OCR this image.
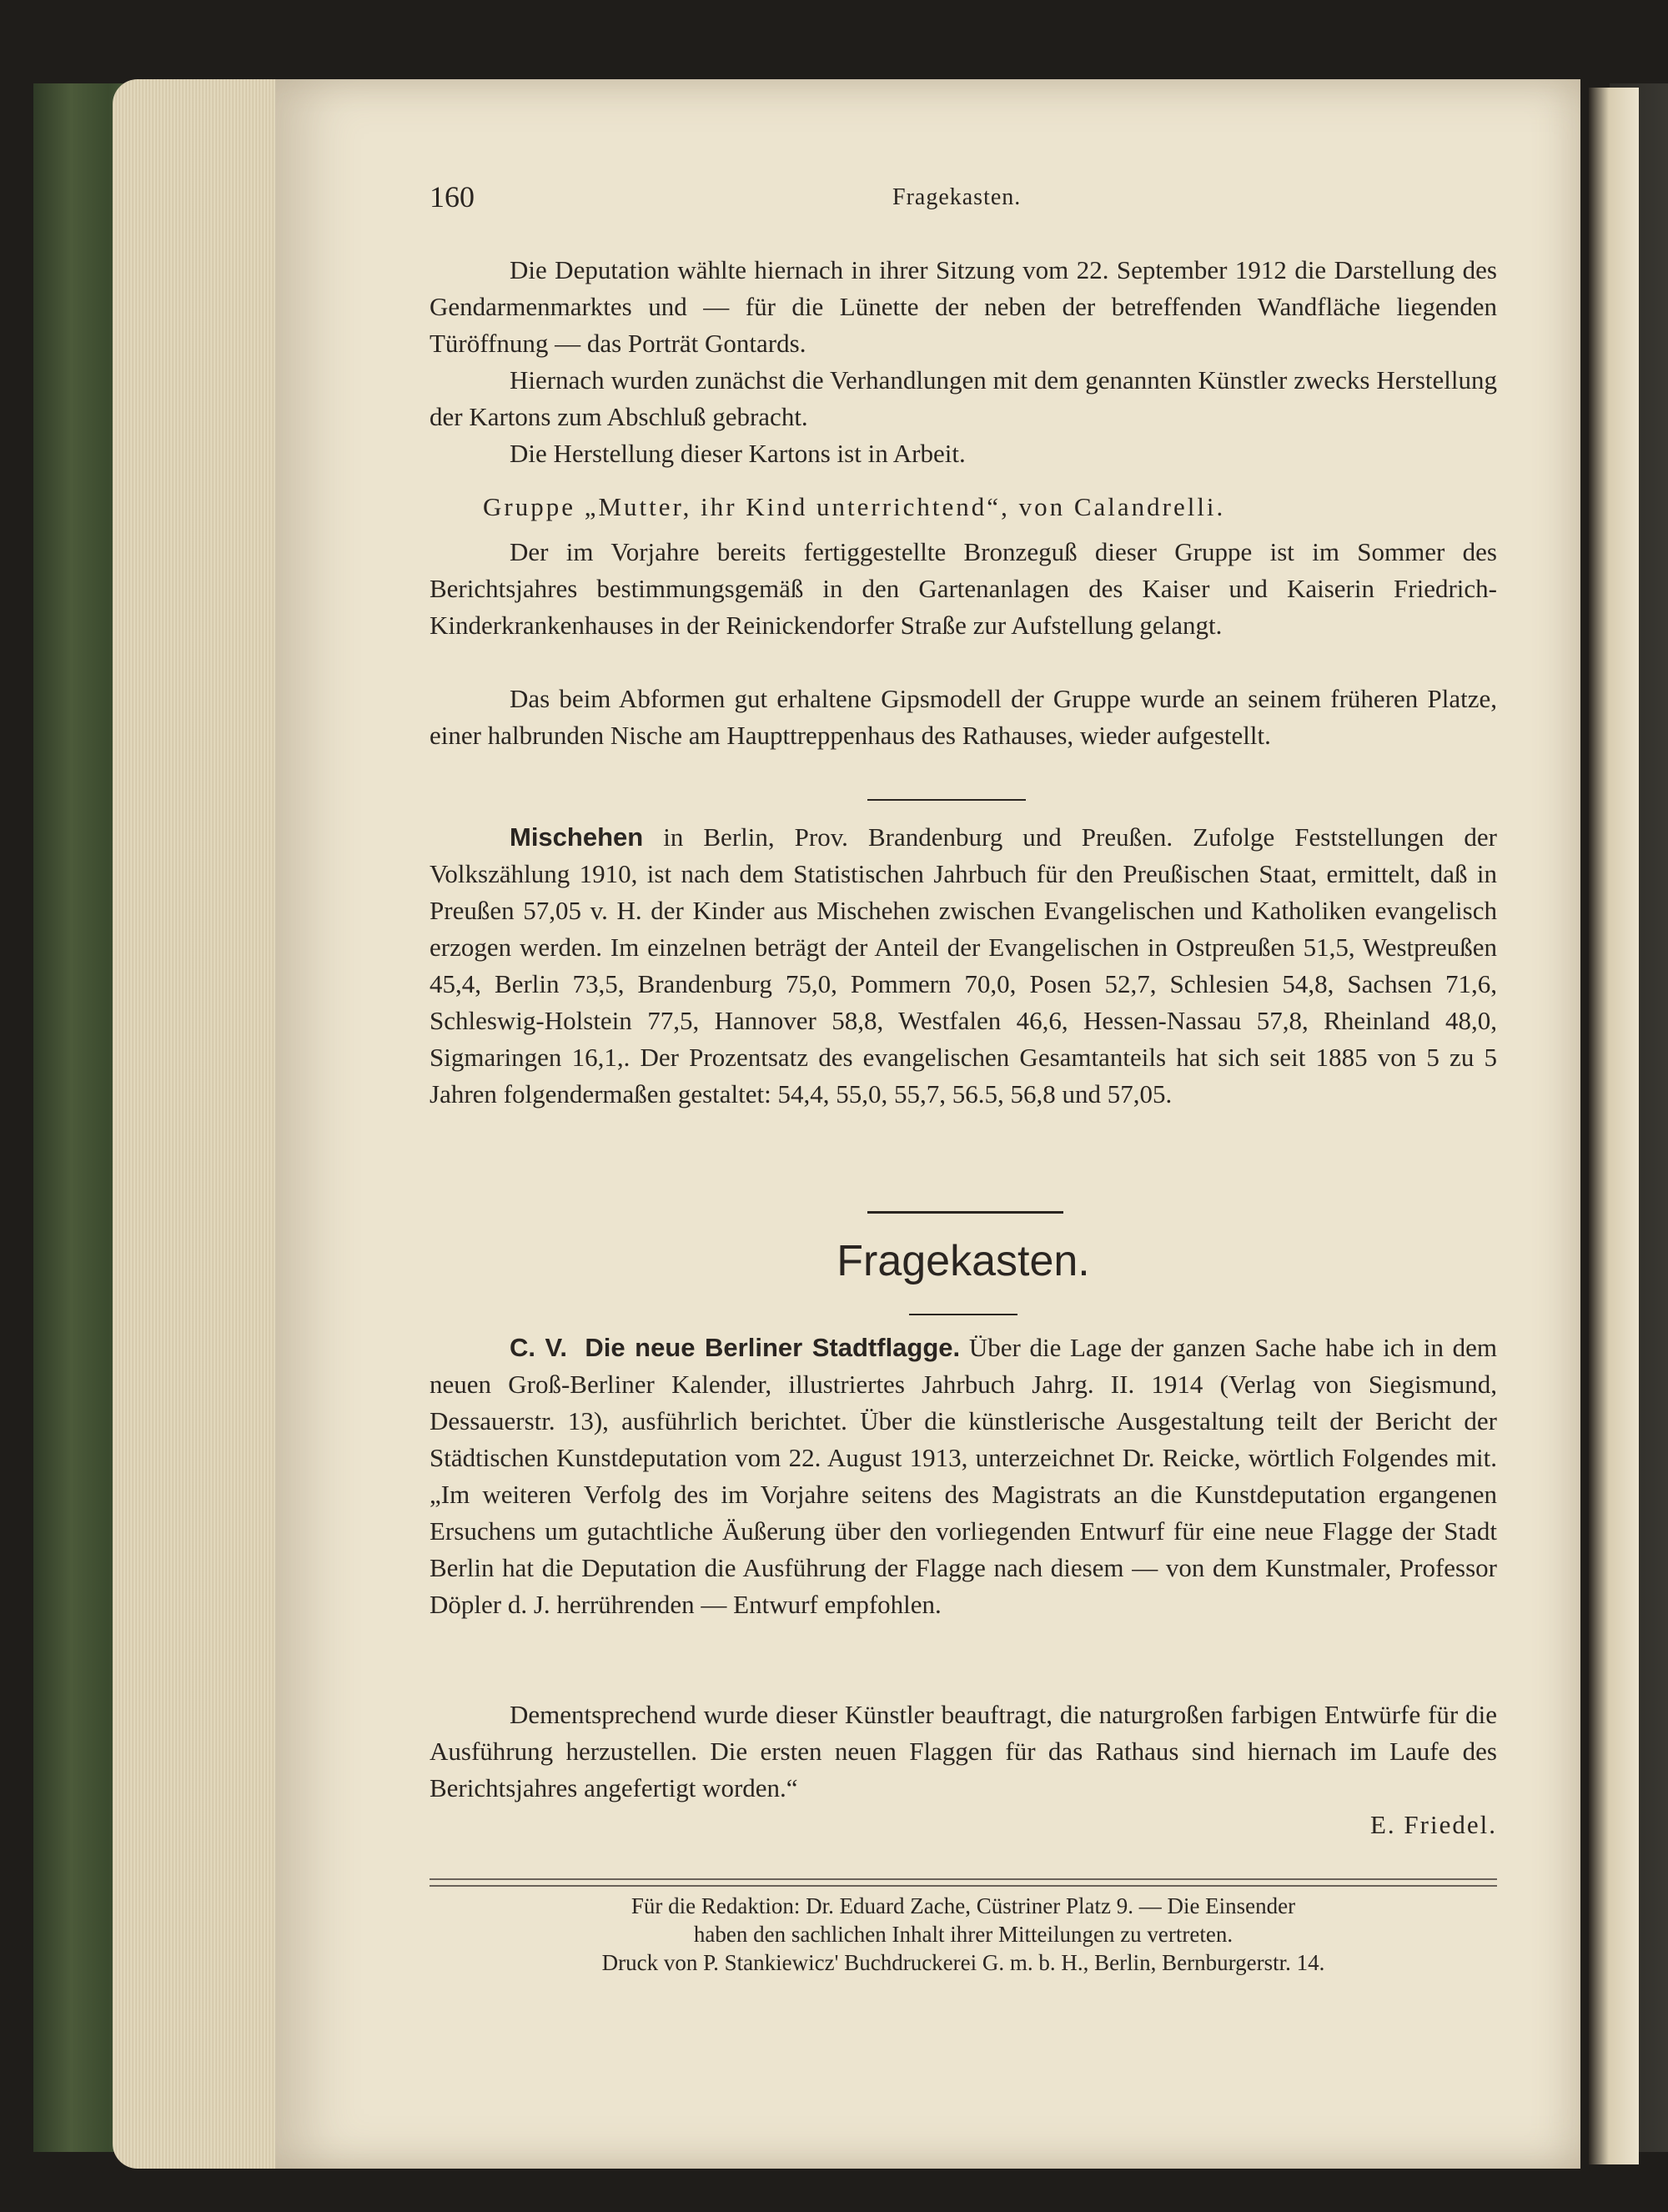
160	Fragekasten.
Die Deputation wählte hiernach in ihrer Sitzung vom 22. September 1912 die Darstellung des Gendarmenmarktes und — für die Lünette der neben der betreffenden Wandfläche liegenden Türöffnung — das Porträt Gontards.
Hiernach wurden zunächst die Verhandlungen mit dem genannten Künstler zwecks Herstellung der Kartons zum Abschluß gebracht.
Die Herstellung dieser Kartons ist in Arbeit.
Gruppe „Mutter, ihr Kind unterrichtend“, von Calandrelli.
Der im Vorjahre bereits fertiggestellte Bronzeguß dieser Gruppe ist im Sommer des Berichtsjahres bestimmungsgemäß in den Gartenanlagen des Kaiser und Kaiserin Friedrich-Kinderkrankenhauses in der Reinickendorfer Straße zur Aufstellung gelangt.
Das beim Abformen gut erhaltene Gipsmodell der Gruppe wurde an seinem früheren Platze, einer halbrunden Nische am Haupttreppenhaus des Rathauses, wieder aufgestellt.
Mischehen in Berlin, Prov. Brandenburg und Preußen. Zufolge Feststellungen der Volkszählung 1910, ist nach dem Statistischen Jahrbuch für den Preußischen Staat, ermittelt, daß in Preußen 57,05 v. H. der Kinder aus Mischehen zwischen Evangelischen und Katholiken evangelisch erzogen werden. Im einzelnen beträgt der Anteil der Evangelischen in Ostpreußen 51,5, Westpreußen 45,4, Berlin 73,5, Brandenburg 75,0, Pommern 70,0, Posen 52,7, Schlesien 54,8, Sachsen 71,6, Schleswig-Holstein 77,5, Hannover 58,8, Westfalen 46,6, Hessen-Nassau 57,8, Rheinland 48,0, Sigmaringen 16,1,. Der Prozentsatz des evangelischen Gesamtanteils hat sich seit 1885 von 5 zu 5 Jahren folgendermaßen gestaltet: 54,4, 55,0, 55,7, 56.5, 56,8 und 57,05.
Fragekasten.
C. V. Die neue Berliner Stadtflagge. Über die Lage der ganzen Sache habe ich in dem neuen Groß-Berliner Kalender, illustriertes Jahrbuch Jahrg. II. 1914 (Verlag von Siegismund, Dessauerstr. 13), ausführlich berichtet. Über die künstlerische Ausgestaltung teilt der Bericht der Städtischen Kunstdeputation vom 22. August 1913, unterzeichnet Dr. Reicke, wörtlich Folgendes mit. „Im weiteren Verfolg des im Vorjahre seitens des Magistrats an die Kunstdeputation ergangenen Ersuchens um gutachtliche Äußerung über den vorliegenden Entwurf für eine neue Flagge der Stadt Berlin hat die Deputation die Ausführung der Flagge nach diesem — von dem Kunstmaler, Professor Döpler d. J. herrührenden — Entwurf empfohlen.
Dementsprechend wurde dieser Künstler beauftragt, die naturgroßen farbigen Entwürfe für die Ausführung herzustellen. Die ersten neuen Flaggen für das Rathaus sind hiernach im Laufe des Berichtsjahres angefertigt worden.“
E. Friedel.
Für die Redaktion: Dr. Eduard Zache, Cüstriner Platz 9. — Die Einsender
haben den sachlichen Inhalt ihrer Mitteilungen zu vertreten.
Druck von P. Stankiewicz' Buchdruckerei G. m. b. H., Berlin, Bernburgerstr. 14.
